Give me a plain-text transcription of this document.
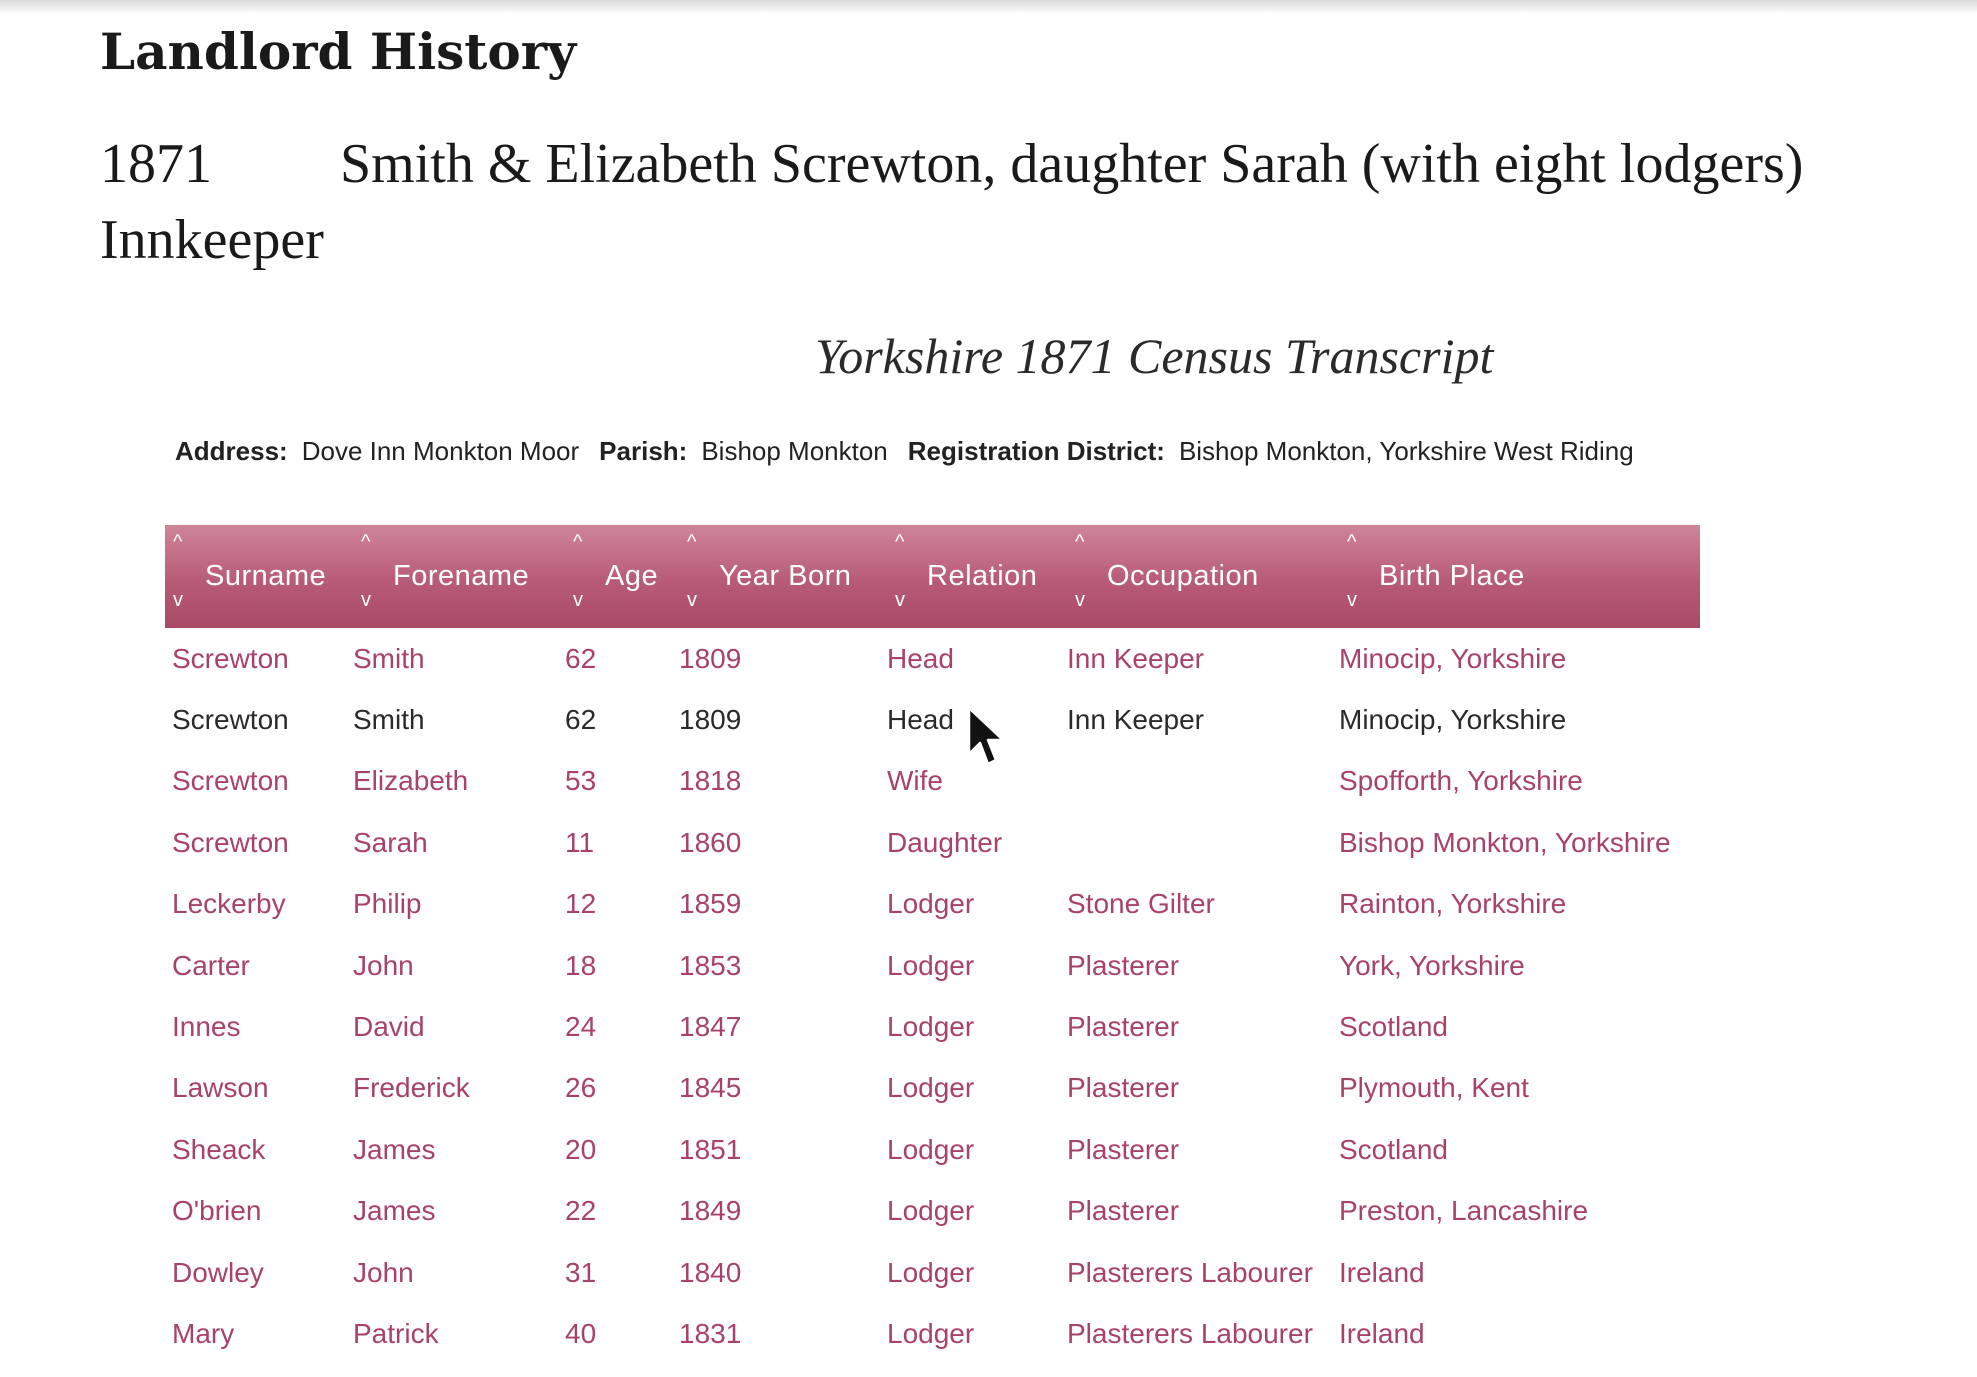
Landlord History
1871 Smith & Elizabeth Screwton, daughter Sarah (with eight lodgers)
Innkeeper
Yorkshire 1871 Census Transcript
Address: Dove Inn Monkton Moor Parish: Bishop Monkton Registration District: Bishop Monkton, Yorkshire West Riding
^
Surname
v	^
Forename
v	^
Age
v	^
Year Born
v	^
Relation
v	^
Occupation
v	^
Birth Place
v

Screwton	Smith	62	1809	Head	Inn Keeper	Minocip, Yorkshire
Screwton	Smith	62	1809	Head	Inn Keeper	Minocip, Yorkshire
Screwton	Elizabeth	53	1818	Wife		Spofforth, Yorkshire
Screwton	Sarah	11	1860	Daughter		Bishop Monkton, Yorkshire
Leckerby	Philip	12	1859	Lodger	Stone Gilter	Rainton, Yorkshire
Carter	John	18	1853	Lodger	Plasterer	York, Yorkshire
Innes	David	24	1847	Lodger	Plasterer	Scotland
Lawson	Frederick	26	1845	Lodger	Plasterer	Plymouth, Kent
Sheack	James	20	1851	Lodger	Plasterer	Scotland
O'brien	James	22	1849	Lodger	Plasterer	Preston, Lancashire
Dowley	John	31	1840	Lodger	Plasterers Labourer	Ireland
Mary	Patrick	40	1831	Lodger	Plasterers Labourer	Ireland
